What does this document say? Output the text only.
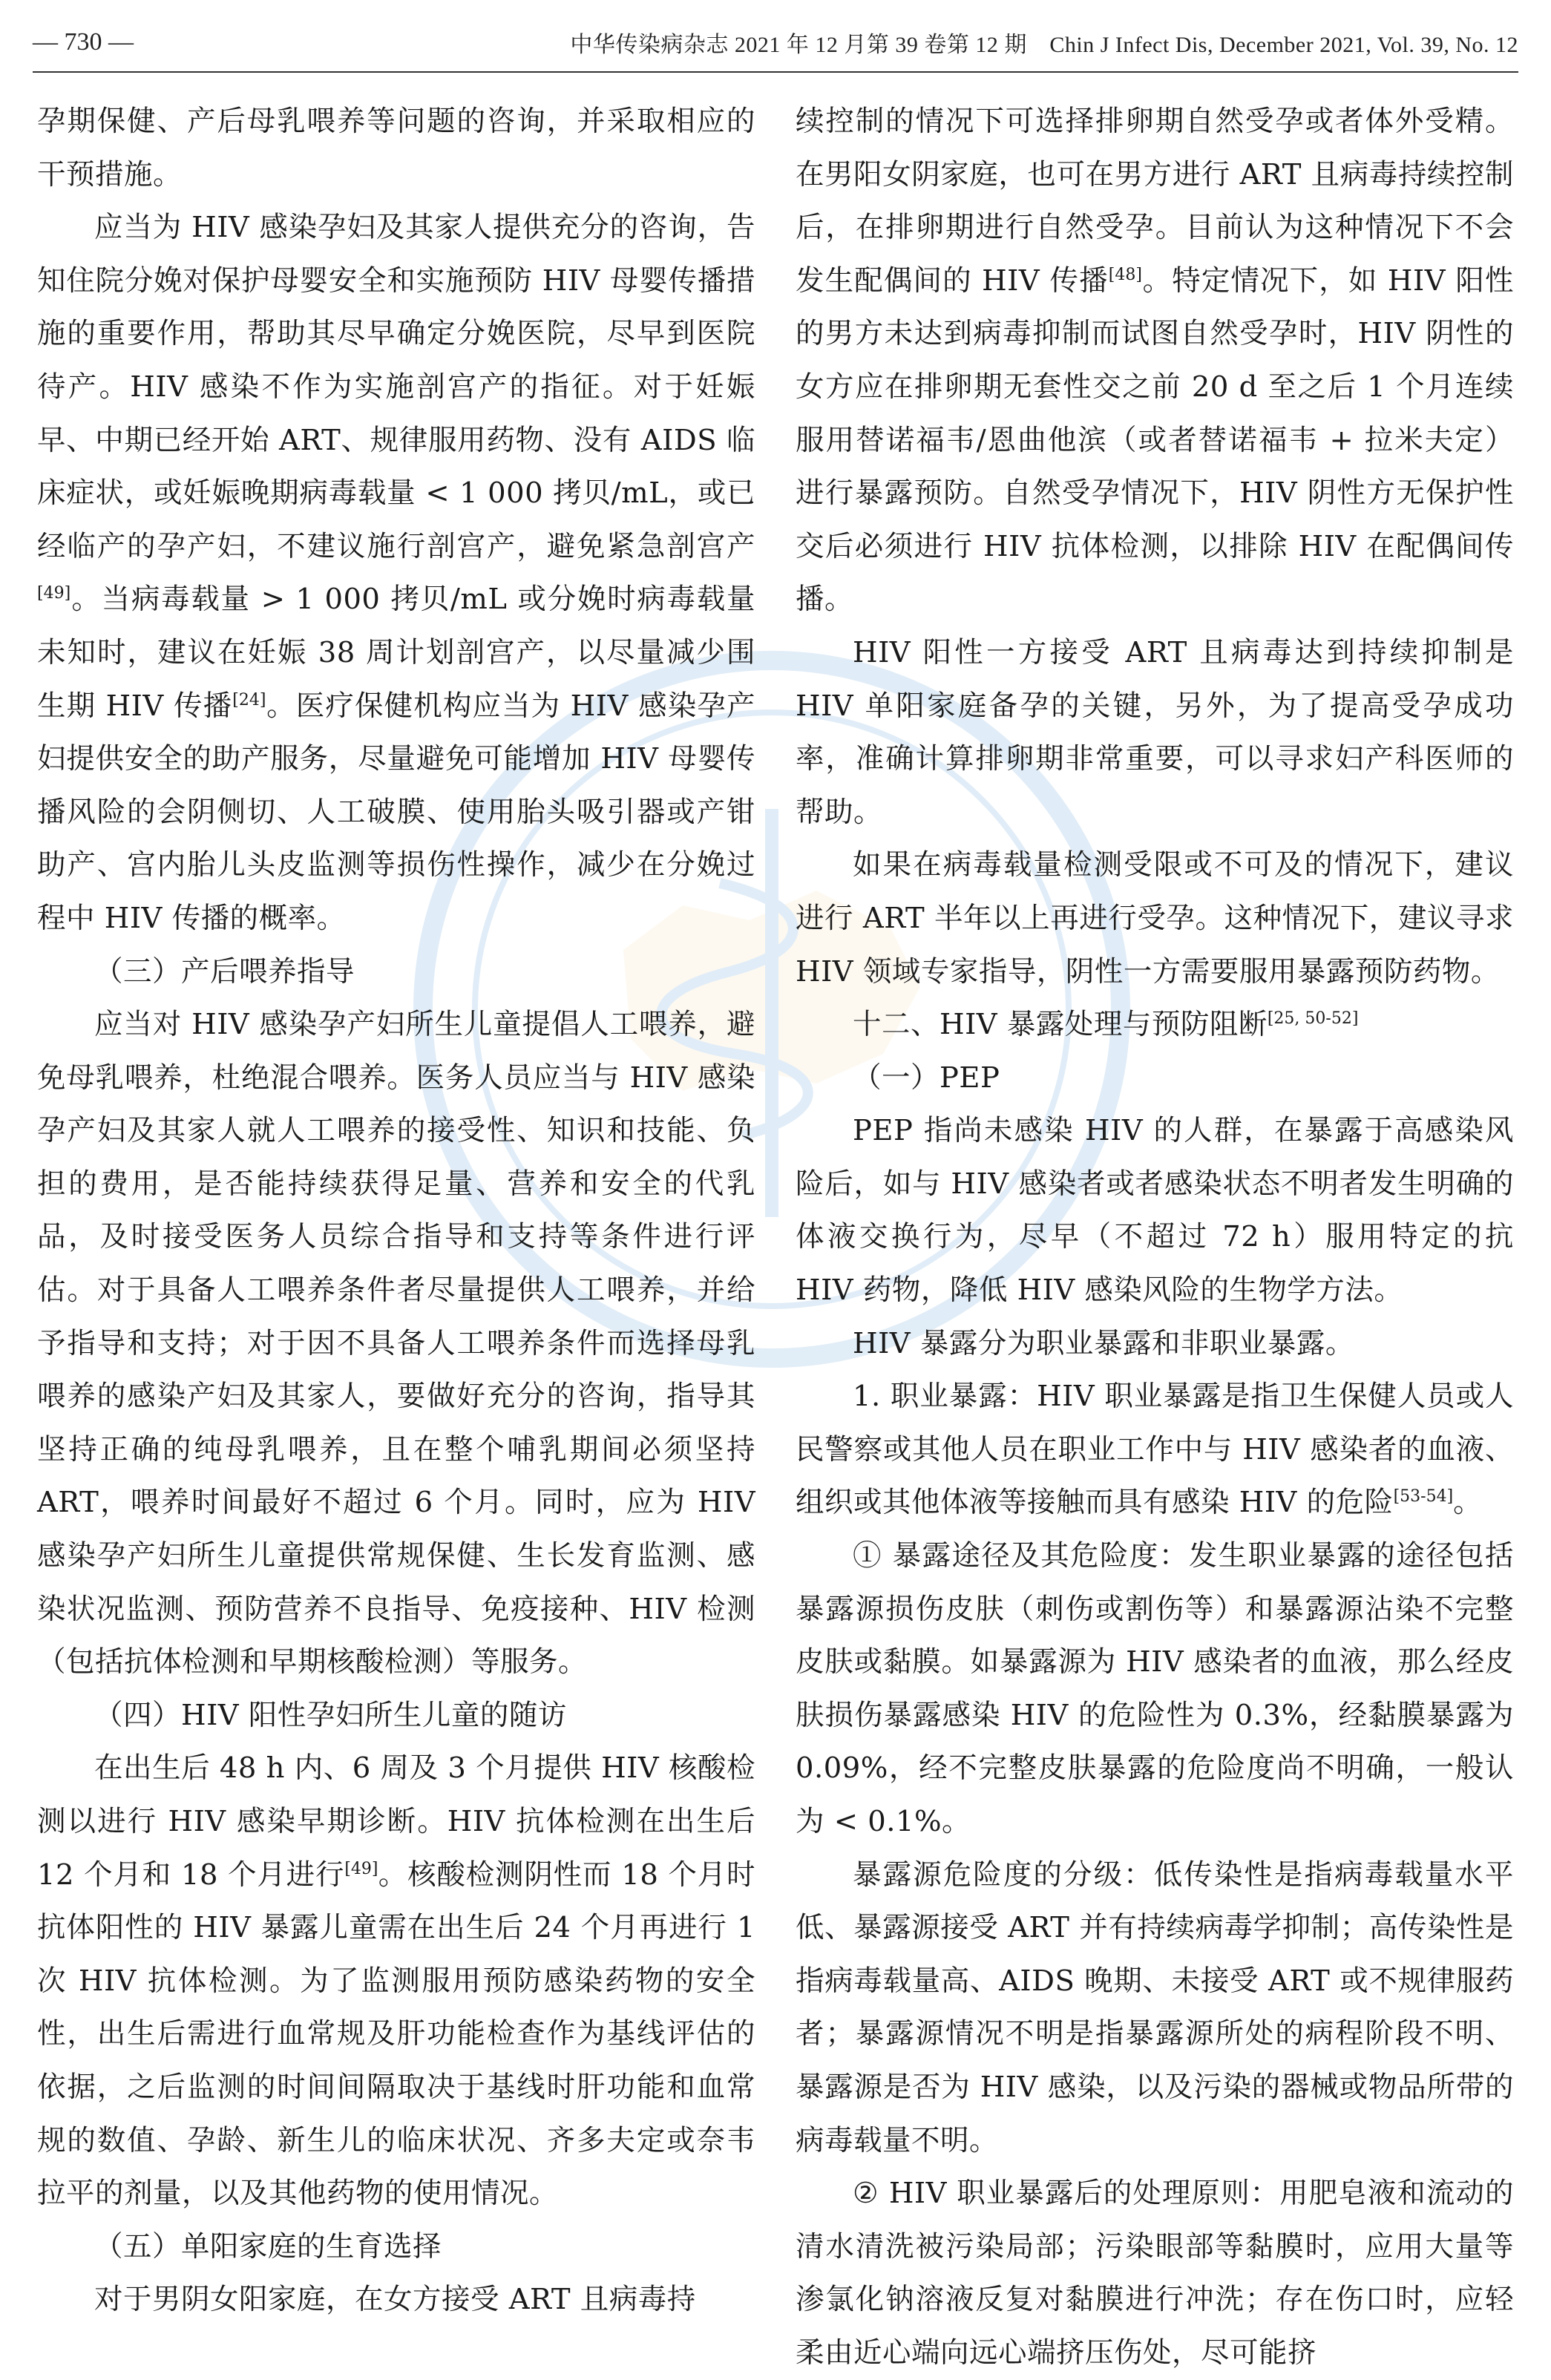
— 730 —	中华传染病杂志 2021 年 12 月第 39 卷第 12 期　Chin J Infect Dis, December 2021, Vol. 39, No. 12

孕期保健、产后母乳喂养等问题的咨询，并采取相应的干预措施。

应当为 HIV 感染孕妇及其家人提供充分的咨询，告知住院分娩对保护母婴安全和实施预防 HIV 母婴传播措施的重要作用，帮助其尽早确定分娩医院，尽早到医院待产。HIV 感染不作为实施剖宫产的指征。对于妊娠早、中期已经开始 ART、规律服用药物、没有 AIDS 临床症状，或妊娠晚期病毒载量 < 1 000 拷贝/mL，或已经临产的孕产妇，不建议施行剖宫产，避免紧急剖宫产[49]。当病毒载量 > 1 000 拷贝/mL 或分娩时病毒载量未知时，建议在妊娠 38 周计划剖宫产，以尽量减少围生期 HIV 传播[24]。医疗保健机构应当为 HIV 感染孕产妇提供安全的助产服务，尽量避免可能增加 HIV 母婴传播风险的会阴侧切、人工破膜、使用胎头吸引器或产钳助产、宫内胎儿头皮监测等损伤性操作，减少在分娩过程中 HIV 传播的概率。

（三）产后喂养指导

应当对 HIV 感染孕产妇所生儿童提倡人工喂养，避免母乳喂养，杜绝混合喂养。医务人员应当与 HIV 感染孕产妇及其家人就人工喂养的接受性、知识和技能、负担的费用，是否能持续获得足量、营养和安全的代乳品，及时接受医务人员综合指导和支持等条件进行评估。对于具备人工喂养条件者尽量提供人工喂养，并给予指导和支持；对于因不具备人工喂养条件而选择母乳喂养的感染产妇及其家人，要做好充分的咨询，指导其坚持正确的纯母乳喂养，且在整个哺乳期间必须坚持 ART，喂养时间最好不超过 6 个月。同时，应为 HIV 感染孕产妇所生儿童提供常规保健、生长发育监测、感染状况监测、预防营养不良指导、免疫接种、HIV 检测（包括抗体检测和早期核酸检测）等服务。

（四）HIV 阳性孕妇所生儿童的随访

在出生后 48 h 内、6 周及 3 个月提供 HIV 核酸检测以进行 HIV 感染早期诊断。HIV 抗体检测在出生后 12 个月和 18 个月进行[49]。核酸检测阴性而 18 个月时抗体阳性的 HIV 暴露儿童需在出生后 24 个月再进行 1 次 HIV 抗体检测。为了监测服用预防感染药物的安全性，出生后需进行血常规及肝功能检查作为基线评估的依据，之后监测的时间间隔取决于基线时肝功能和血常规的数值、孕龄、新生儿的临床状况、齐多夫定或奈韦拉平的剂量，以及其他药物的使用情况。

（五）单阳家庭的生育选择

对于男阴女阳家庭，在女方接受 ART 且病毒持

续控制的情况下可选择排卵期自然受孕或者体外受精。在男阳女阴家庭，也可在男方进行 ART 且病毒持续控制后，在排卵期进行自然受孕。目前认为这种情况下不会发生配偶间的 HIV 传播[48]。特定情况下，如 HIV 阳性的男方未达到病毒抑制而试图自然受孕时，HIV 阴性的女方应在排卵期无套性交之前 20 d 至之后 1 个月连续服用替诺福韦/恩曲他滨（或者替诺福韦 + 拉米夫定）进行暴露预防。自然受孕情况下，HIV 阴性方无保护性交后必须进行 HIV 抗体检测，以排除 HIV 在配偶间传播。

HIV 阳性一方接受 ART 且病毒达到持续抑制是 HIV 单阳家庭备孕的关键，另外，为了提高受孕成功率，准确计算排卵期非常重要，可以寻求妇产科医师的帮助。

如果在病毒载量检测受限或不可及的情况下，建议进行 ART 半年以上再进行受孕。这种情况下，建议寻求 HIV 领域专家指导，阴性一方需要服用暴露预防药物。

十二、HIV 暴露处理与预防阻断[25, 50-52]

（一）PEP

PEP 指尚未感染 HIV 的人群，在暴露于高感染风险后，如与 HIV 感染者或者感染状态不明者发生明确的体液交换行为，尽早（不超过 72 h）服用特定的抗 HIV 药物，降低 HIV 感染风险的生物学方法。

HIV 暴露分为职业暴露和非职业暴露。

1. 职业暴露：HIV 职业暴露是指卫生保健人员或人民警察或其他人员在职业工作中与 HIV 感染者的血液、组织或其他体液等接触而具有感染 HIV 的危险[53-54]。

① 暴露途径及其危险度：发生职业暴露的途径包括暴露源损伤皮肤（刺伤或割伤等）和暴露源沾染不完整皮肤或黏膜。如暴露源为 HIV 感染者的血液，那么经皮肤损伤暴露感染 HIV 的危险性为 0.3%，经黏膜暴露为 0.09%，经不完整皮肤暴露的危险度尚不明确，一般认为 < 0.1%。

暴露源危险度的分级：低传染性是指病毒载量水平低、暴露源接受 ART 并有持续病毒学抑制；高传染性是指病毒载量高、AIDS 晚期、未接受 ART 或不规律服药者；暴露源情况不明是指暴露源所处的病程阶段不明、暴露源是否为 HIV 感染，以及污染的器械或物品所带的病毒载量不明。

② HIV 职业暴露后的处理原则：用肥皂液和流动的清水清洗被污染局部；污染眼部等黏膜时，应用大量等渗氯化钠溶液反复对黏膜进行冲洗；存在伤口时，应轻柔由近心端向远心端挤压伤处，尽可能挤
